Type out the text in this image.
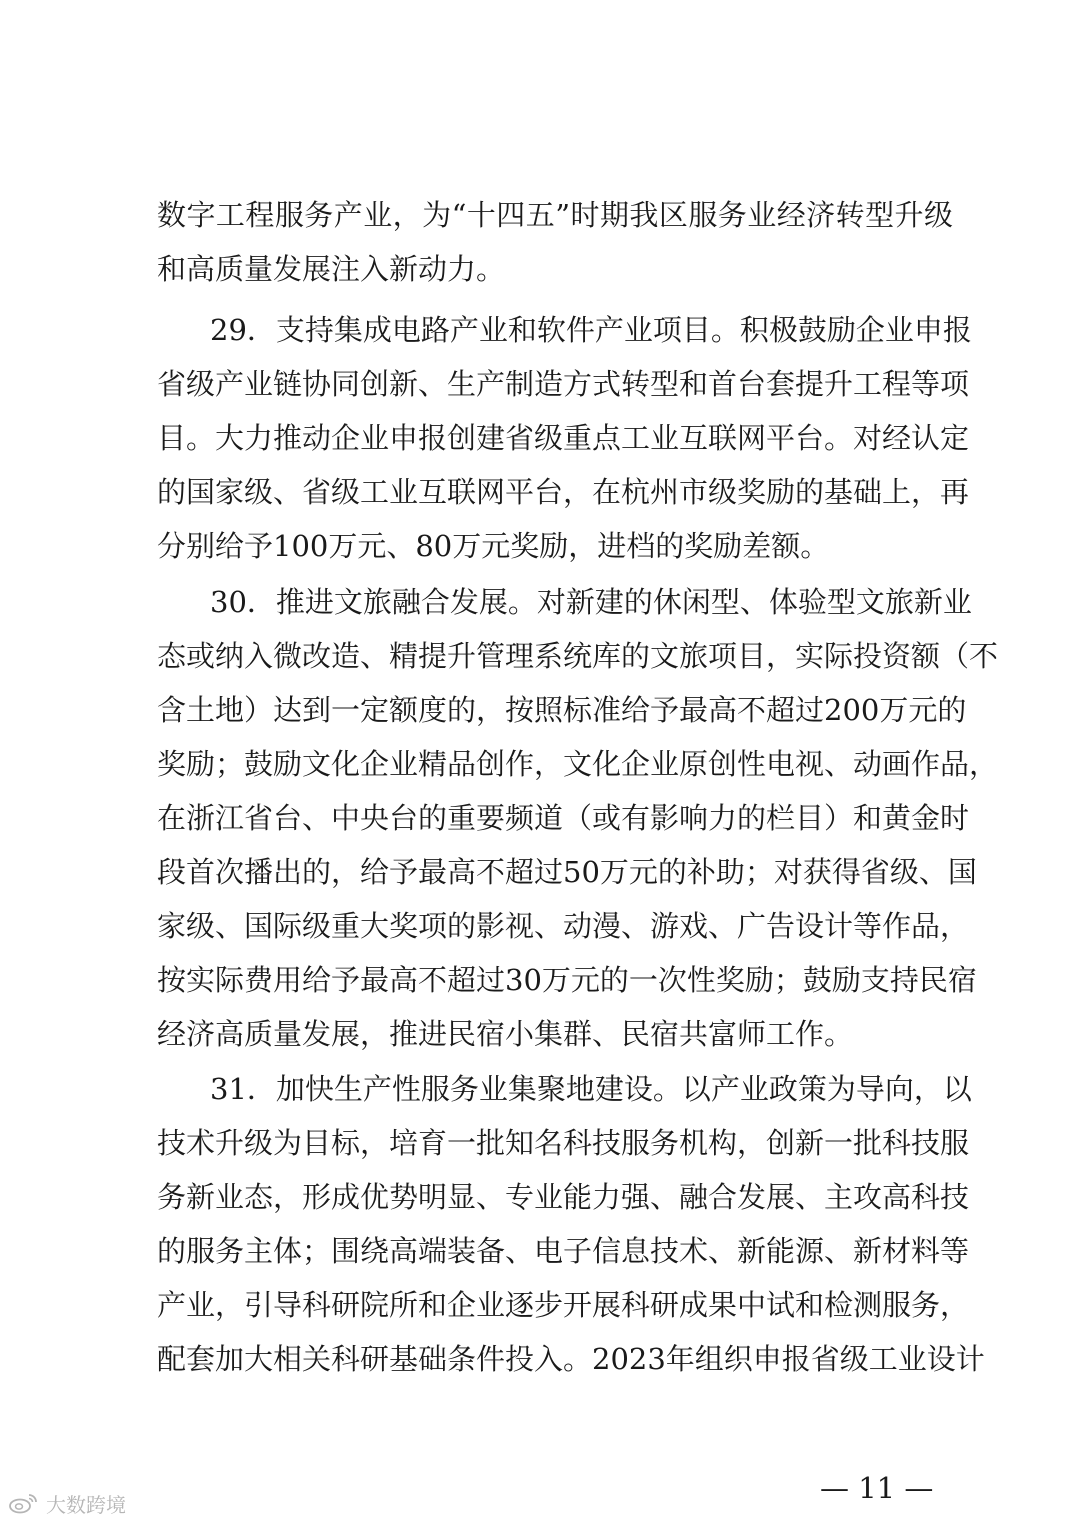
数字工程服务产业，为“十四五”时期我区服务业经济转型升级
和高质量发展注入新动力。
29．支持集成电路产业和软件产业项目。积极鼓励企业申报
省级产业链协同创新、生产制造方式转型和首台套提升工程等项
目。大力推动企业申报创建省级重点工业互联网平台。对经认定
的国家级、省级工业互联网平台，在杭州市级奖励的基础上，再
分别给予100万元、80万元奖励，进档的奖励差额。
30．推进文旅融合发展。对新建的休闲型、体验型文旅新业
态或纳入微改造、精提升管理系统库的文旅项目，实际投资额（不
含土地）达到一定额度的，按照标准给予最高不超过200万元的
奖励；鼓励文化企业精品创作，文化企业原创性电视、动画作品，
在浙江省台、中央台的重要频道（或有影响力的栏目）和黄金时
段首次播出的，给予最高不超过50万元的补助；对获得省级、国
家级、国际级重大奖项的影视、动漫、游戏、广告设计等作品，
按实际费用给予最高不超过30万元的一次性奖励；鼓励支持民宿
经济高质量发展，推进民宿小集群、民宿共富师工作。
31．加快生产性服务业集聚地建设。以产业政策为导向，以
技术升级为目标，培育一批知名科技服务机构，创新一批科技服
务新业态，形成优势明显、专业能力强、融合发展、主攻高科技
的服务主体；围绕高端装备、电子信息技术、新能源、新材料等
产业，引导科研院所和企业逐步开展科研成果中试和检测服务，
配套加大相关科研基础条件投入。2023年组织申报省级工业设计
— 11 —
大数跨境
